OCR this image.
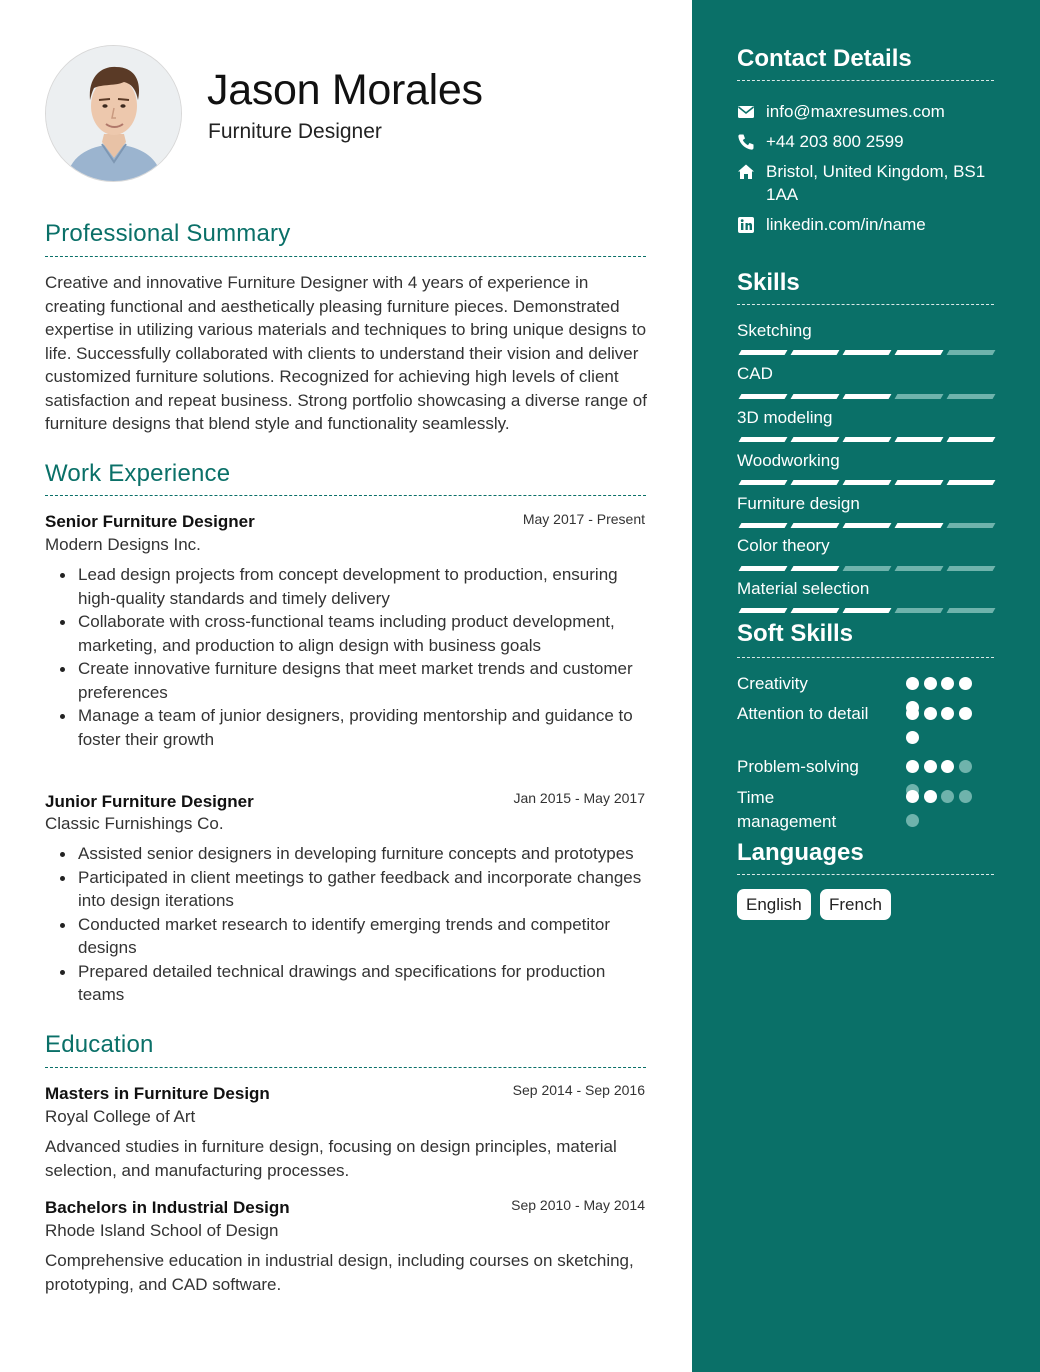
Jason Morales
Furniture Designer
Professional Summary
Creative and innovative Furniture Designer with 4 years of experience in creating functional and aesthetically pleasing furniture pieces. Demonstrated expertise in utilizing various materials and techniques to bring unique designs to life. Successfully collaborated with clients to understand their vision and deliver customized furniture solutions. Recognized for achieving high levels of client satisfaction and repeat business. Strong portfolio showcasing a diverse range of furniture designs that blend style and functionality seamlessly.
Work Experience
Senior Furniture Designer	May 2017 - Present
Modern Designs Inc.
Lead design projects from concept development to production, ensuring high-quality standards and timely delivery
Collaborate with cross-functional teams including product development, marketing, and production to align design with business goals
Create innovative furniture designs that meet market trends and customer preferences
Manage a team of junior designers, providing mentorship and guidance to foster their growth
Junior Furniture Designer	Jan 2015 - May 2017
Classic Furnishings Co.
Assisted senior designers in developing furniture concepts and prototypes
Participated in client meetings to gather feedback and incorporate changes into design iterations
Conducted market research to identify emerging trends and competitor designs
Prepared detailed technical drawings and specifications for production teams
Education
Masters in Furniture Design	Sep 2014 - Sep 2016
Royal College of Art
Advanced studies in furniture design, focusing on design principles, material selection, and manufacturing processes.
Bachelors in Industrial Design	Sep 2010 - May 2014
Rhode Island School of Design
Comprehensive education in industrial design, including courses on sketching, prototyping, and CAD software.
Contact Details
info@maxresumes.com
+44 203 800 2599
Bristol, United Kingdom, BS1 1AA
linkedin.com/in/name
Skills
Sketching
CAD
3D modeling
Woodworking
Furniture design
Color theory
Material selection
Soft Skills
Creativity
Attention to detail
Problem-solving
Time management
Languages
English	French
